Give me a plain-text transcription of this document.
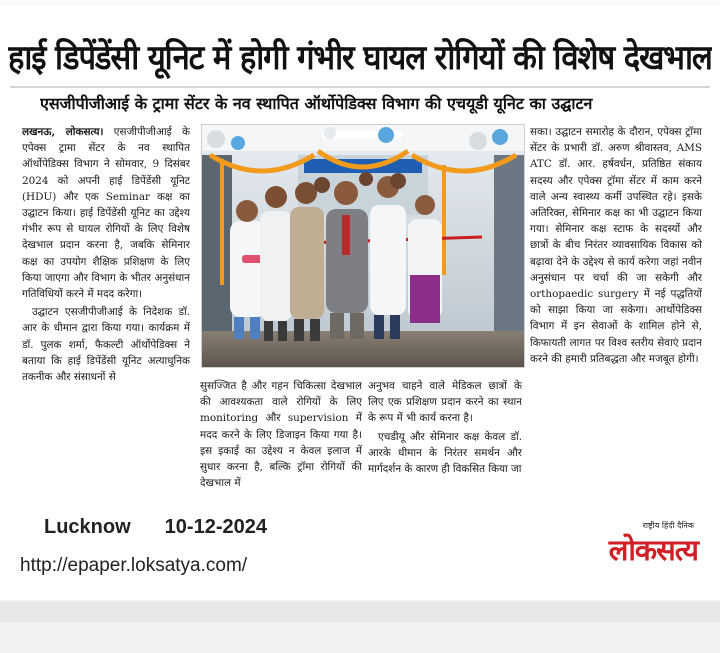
हाई डिपेंडेंसी यूनिट में होगी गंभीर घायल रोगियों की विशेष देखभाल
एसजीपीजीआई के ट्रामा सेंटर के नव स्थापित ऑर्थोपेडिक्स विभाग की एचयूडी यूनिट का उद्घाटन

लखनऊ, लोकसत्य। एसजीपीजीआई के एपेक्स ट्रामा सेंटर के नव स्थापित ऑर्थोपेडिक्स विभाग ने सोमवार, 9 दिसंबर 2024 को अपनी हाई डिपेंडेंसी यूनिट (HDU) और एक Seminar कक्ष का उद्घाटन किया। हाई डिपेंडेंसी यूनिट का उद्देश्य गंभीर रूप से घायल रोगियों के लिए विशेष देखभाल प्रदान करना है, जबकि सेमिनार कक्ष का उपयोग शैक्षिक प्रशिक्षण के लिए किया जाएगा और विभाग के भीतर अनुसंधान गतिविधियों करने में मदद करेगा।

उद्घाटन एसजीपीजीआई के निदेशक डॉ. आर के धीमान द्वारा किया गया। कार्यक्रम में डॉ. पुलक शर्मा, फैकल्टी ऑर्थोपेडिक्स ने बताया कि हाई डिपेंडेंसी यूनिट अत्याधुनिक तकनीक और संसाधनों से

सुसज्जित है और गहन चिकित्सा देखभाल की आवश्यकता वाले रोगियों के लिए monitoring और supervision में मदद करने के लिए डिजाइन किया गया है। इस इकाई का उद्देश्य न केवल इलाज में सुधार करना है, बल्कि ट्रॉमा रोगियों की देखभाल में

अनुभव चाहने वाले मेडिकल छात्रों के लिए एक प्रशिक्षण प्रदान करने का स्थान के रूप में भी कार्य करना है।

एचडीयू और सेमिनार कक्ष केवल डॉ. आरके धीमान के निरंतर समर्थन और मार्गदर्शन के कारण ही विकसित किया जा

सका। उद्घाटन समारोह के दौरान, एपेक्स ट्रॉमा सेंटर के प्रभारी डॉ. अरुण श्रीवास्तव, AMS ATC डॉ. आर. हर्षवर्धन, प्रतिष्ठित संकाय सदस्य और एपेक्स ट्रॉमा सेंटर में काम करने वाले अन्य स्वास्थ्य कर्मी उपस्थित रहे। इसके अतिरिक्त, सेमिनार कक्ष का भी उद्घाटन किया गया। सेमिनार कक्ष स्टाफ के सदस्यों और छात्रों के बीच निरंतर व्यावसायिक विकास को बढ़ावा देने के उद्देश्य से कार्य करेगा जहां नवीन अनुसंधान पर चर्चा की जा सकेगी और orthopaedic surgery में नई पद्धतियों को साझा किया जा सकेगा। आर्थोपेडिक्स विभाग में इन सेवाओं के शामिल होने से, किफायती लागत पर विश्व स्तरीय सेवाएं प्रदान करने की हमारी प्रतिबद्धता और मजबूत होगी।

Lucknow 10-12-2024
http://epaper.loksatya.com/
राष्ट्रीय हिंदी दैनिक
लोकसत्य
